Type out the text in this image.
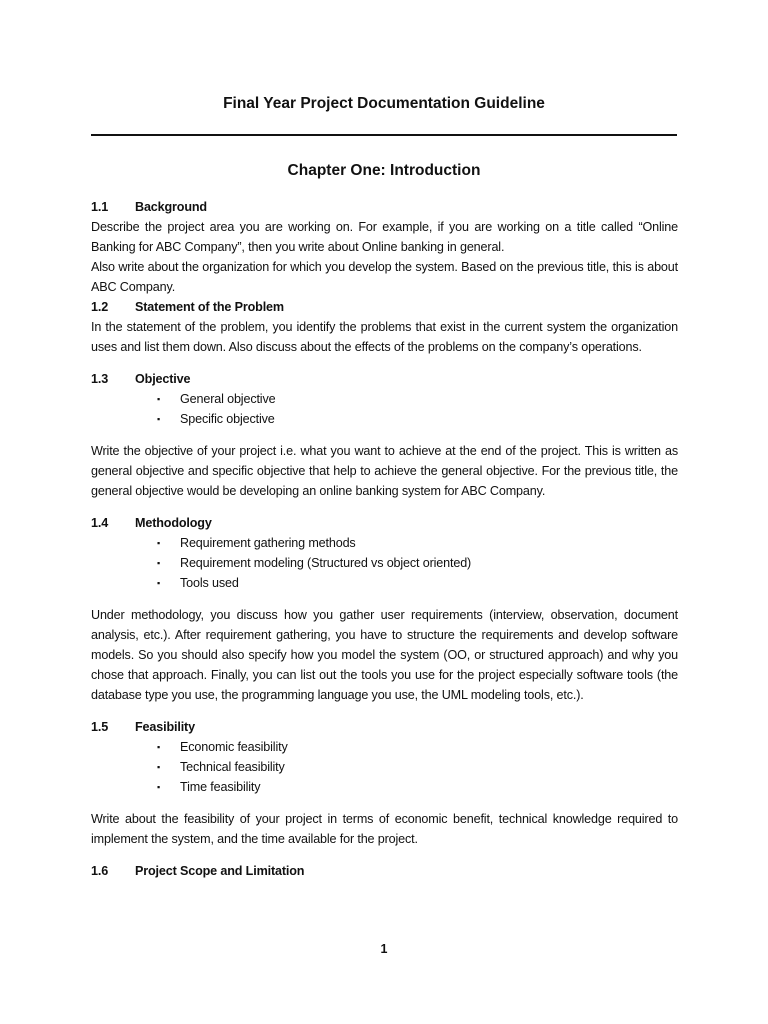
Final Year Project Documentation Guideline
Chapter One: Introduction
1.1	Background
Describe the project area you are working on. For example, if you are working on a title called “Online Banking for ABC Company”, then you write about Online banking in general.
Also write about the organization for which you develop the system. Based on the previous title, this is about ABC Company.
1.2	Statement of the Problem
In the statement of the problem, you identify the problems that exist in the current system the organization uses and list them down. Also discuss about the effects of the problems on the company’s operations.
1.3	Objective
▪	General objective
▪	Specific objective
Write the objective of your project i.e. what you want to achieve at the end of the project. This is written as general objective and specific objective that help to achieve the general objective. For the previous title, the general objective would be developing an online banking system for ABC Company.
1.4	Methodology
▪	Requirement gathering methods
▪	Requirement modeling (Structured vs object oriented)
▪	Tools used
Under methodology, you discuss how you gather user requirements (interview, observation, document analysis, etc.). After requirement gathering, you have to structure the requirements and develop software models. So you should also specify how you model the system (OO, or structured approach) and why you chose that approach. Finally, you can list out the tools you use for the project especially software tools (the database type you use, the programming language you use, the UML modeling tools, etc.).
1.5	Feasibility
▪	Economic feasibility
▪	Technical feasibility
▪	Time feasibility
Write about the feasibility of your project in terms of economic benefit, technical knowledge required to implement the system, and the time available for the project.
1.6	Project Scope and Limitation
1
